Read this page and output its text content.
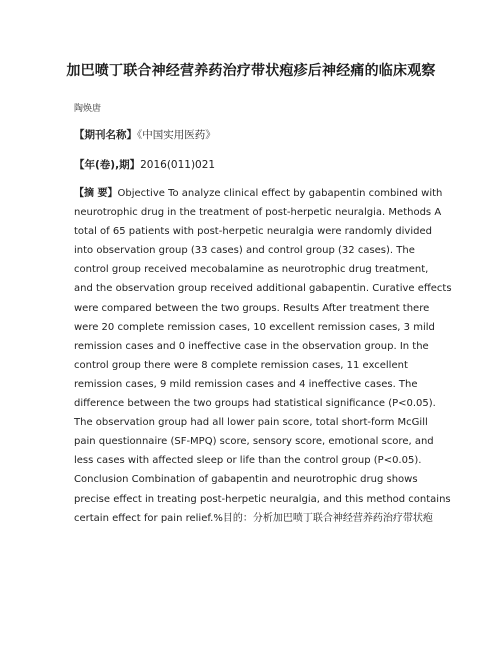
加巴喷丁联合神经营养药治疗带状疱疹后神经痛的临床观察
陶焕唐
【期刊名称】《中国实用医药》
【年(卷),期】2016(011)021
【摘 要】Objective To analyze clinical effect by gabapentin combined with
neurotrophic drug in the treatment of post-herpetic neuralgia. Methods A
total of 65 patients with post-herpetic neuralgia were randomly divided
into observation group (33 cases) and control group (32 cases). The
control group received mecobalamine as neurotrophic drug treatment,
and the observation group received additional gabapentin. Curative effects
were compared between the two groups. Results After treatment there
were 20 complete remission cases, 10 excellent remission cases, 3 mild
remission cases and 0 ineffective case in the observation group. In the
control group there were 8 complete remission cases, 11 excellent
remission cases, 9 mild remission cases and 4 ineffective cases. The
difference between the two groups had statistical significance (P<0.05).
The observation group had all lower pain score, total short-form McGill
pain questionnaire (SF-MPQ) score, sensory score, emotional score, and
less cases with affected sleep or life than the control group (P<0.05).
Conclusion Combination of gabapentin and neurotrophic drug shows
precise effect in treating post-herpetic neuralgia, and this method contains
certain effect for pain relief.%目的：分析加巴喷丁联合神经营养药治疗带状疱
